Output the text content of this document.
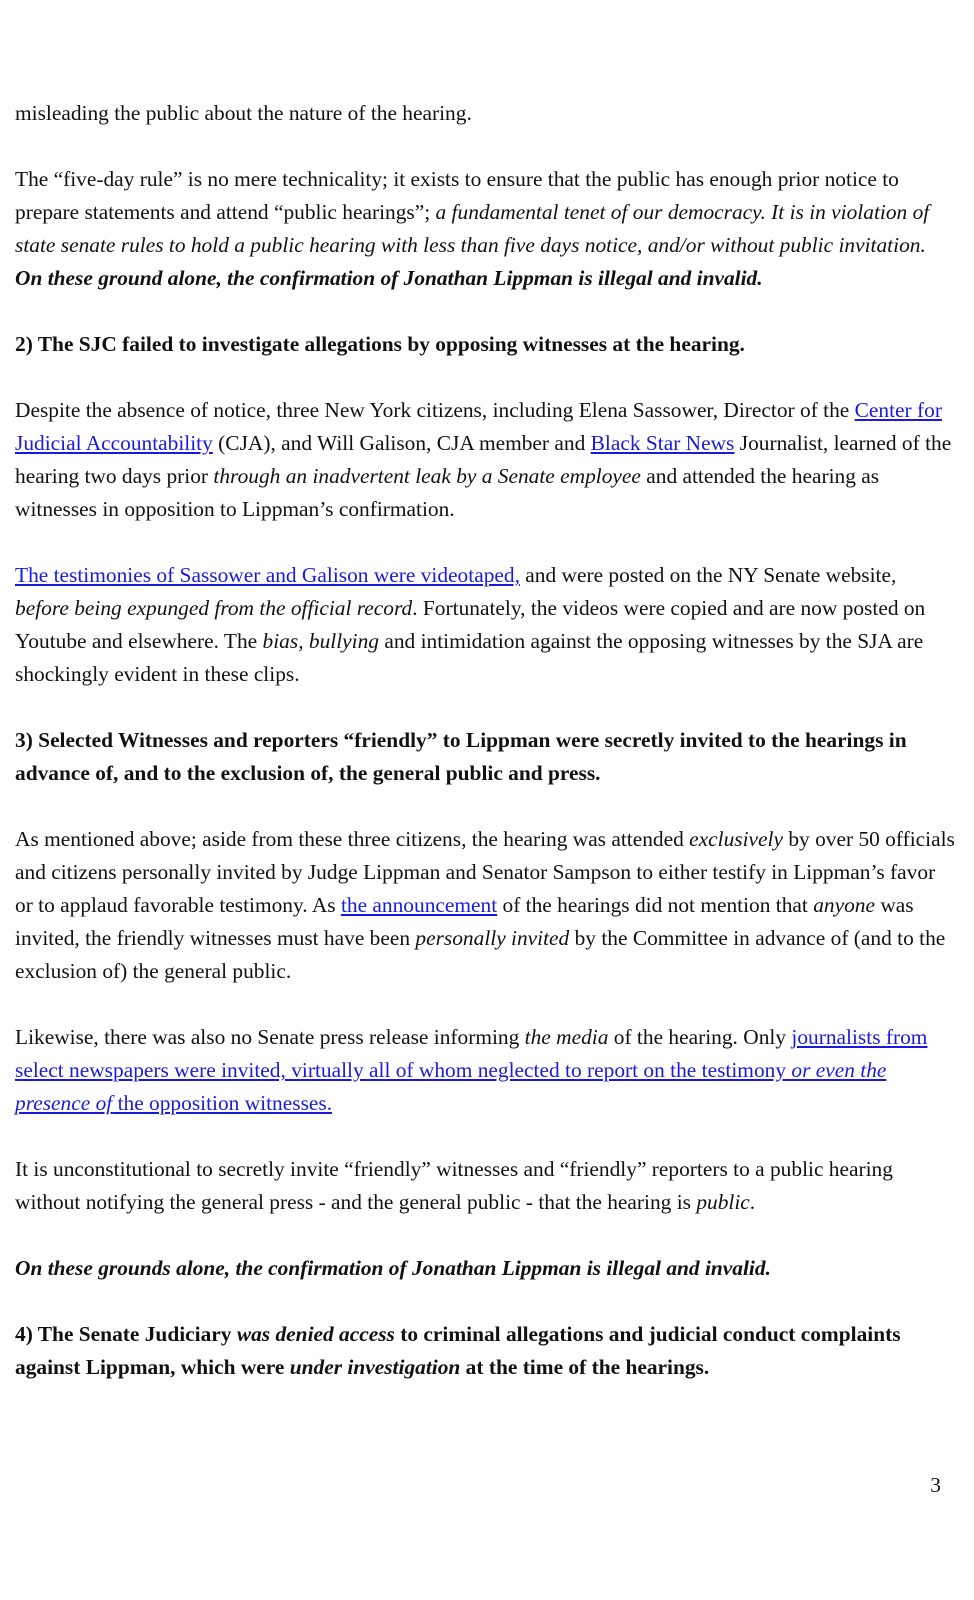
misleading the public about the nature of the hearing.

The “five-day rule” is no mere technicality; it exists to ensure that the public has enough prior notice to prepare statements and attend “public hearings”; a fundamental tenet of our democracy. It is in violation of state senate rules to hold a public hearing with less than five days notice, and/or without public invitation. On these ground alone, the confirmation of Jonathan Lippman is illegal and invalid.

2) The SJC failed to investigate allegations by opposing witnesses at the hearing.

Despite the absence of notice, three New York citizens, including Elena Sassower, Director of the Center for Judicial Accountability (CJA), and Will Galison, CJA member and Black Star News Journalist, learned of the hearing two days prior through an inadvertent leak by a Senate employee and attended the hearing as witnesses in opposition to Lippman’s confirmation.

The testimonies of Sassower and Galison were videotaped, and were posted on the NY Senate website, before being expunged from the official record. Fortunately, the videos were copied and are now posted on Youtube and elsewhere. The bias, bullying and intimidation against the opposing witnesses by the SJA are shockingly evident in these clips.

3) Selected Witnesses and reporters “friendly” to Lippman were secretly invited to the hearings in advance of, and to the exclusion of, the general public and press.

As mentioned above; aside from these three citizens, the hearing was attended exclusively by over 50 officials and citizens personally invited by Judge Lippman and Senator Sampson to either testify in Lippman’s favor or to applaud favorable testimony. As the announcement of the hearings did not mention that anyone was invited, the friendly witnesses must have been personally invited by the Committee in advance of (and to the exclusion of) the general public.

Likewise, there was also no Senate press release informing the media of the hearing. Only journalists from select newspapers were invited, virtually all of whom neglected to report on the testimony or even the presence of the opposition witnesses.

It is unconstitutional to secretly invite “friendly” witnesses and “friendly” reporters to a public hearing without notifying the general press - and the general public - that the hearing is public.

On these grounds alone, the confirmation of Jonathan Lippman is illegal and invalid.

4) The Senate Judiciary was denied access to criminal allegations and judicial conduct complaints against Lippman, which were under investigation at the time of the hearings.

3
